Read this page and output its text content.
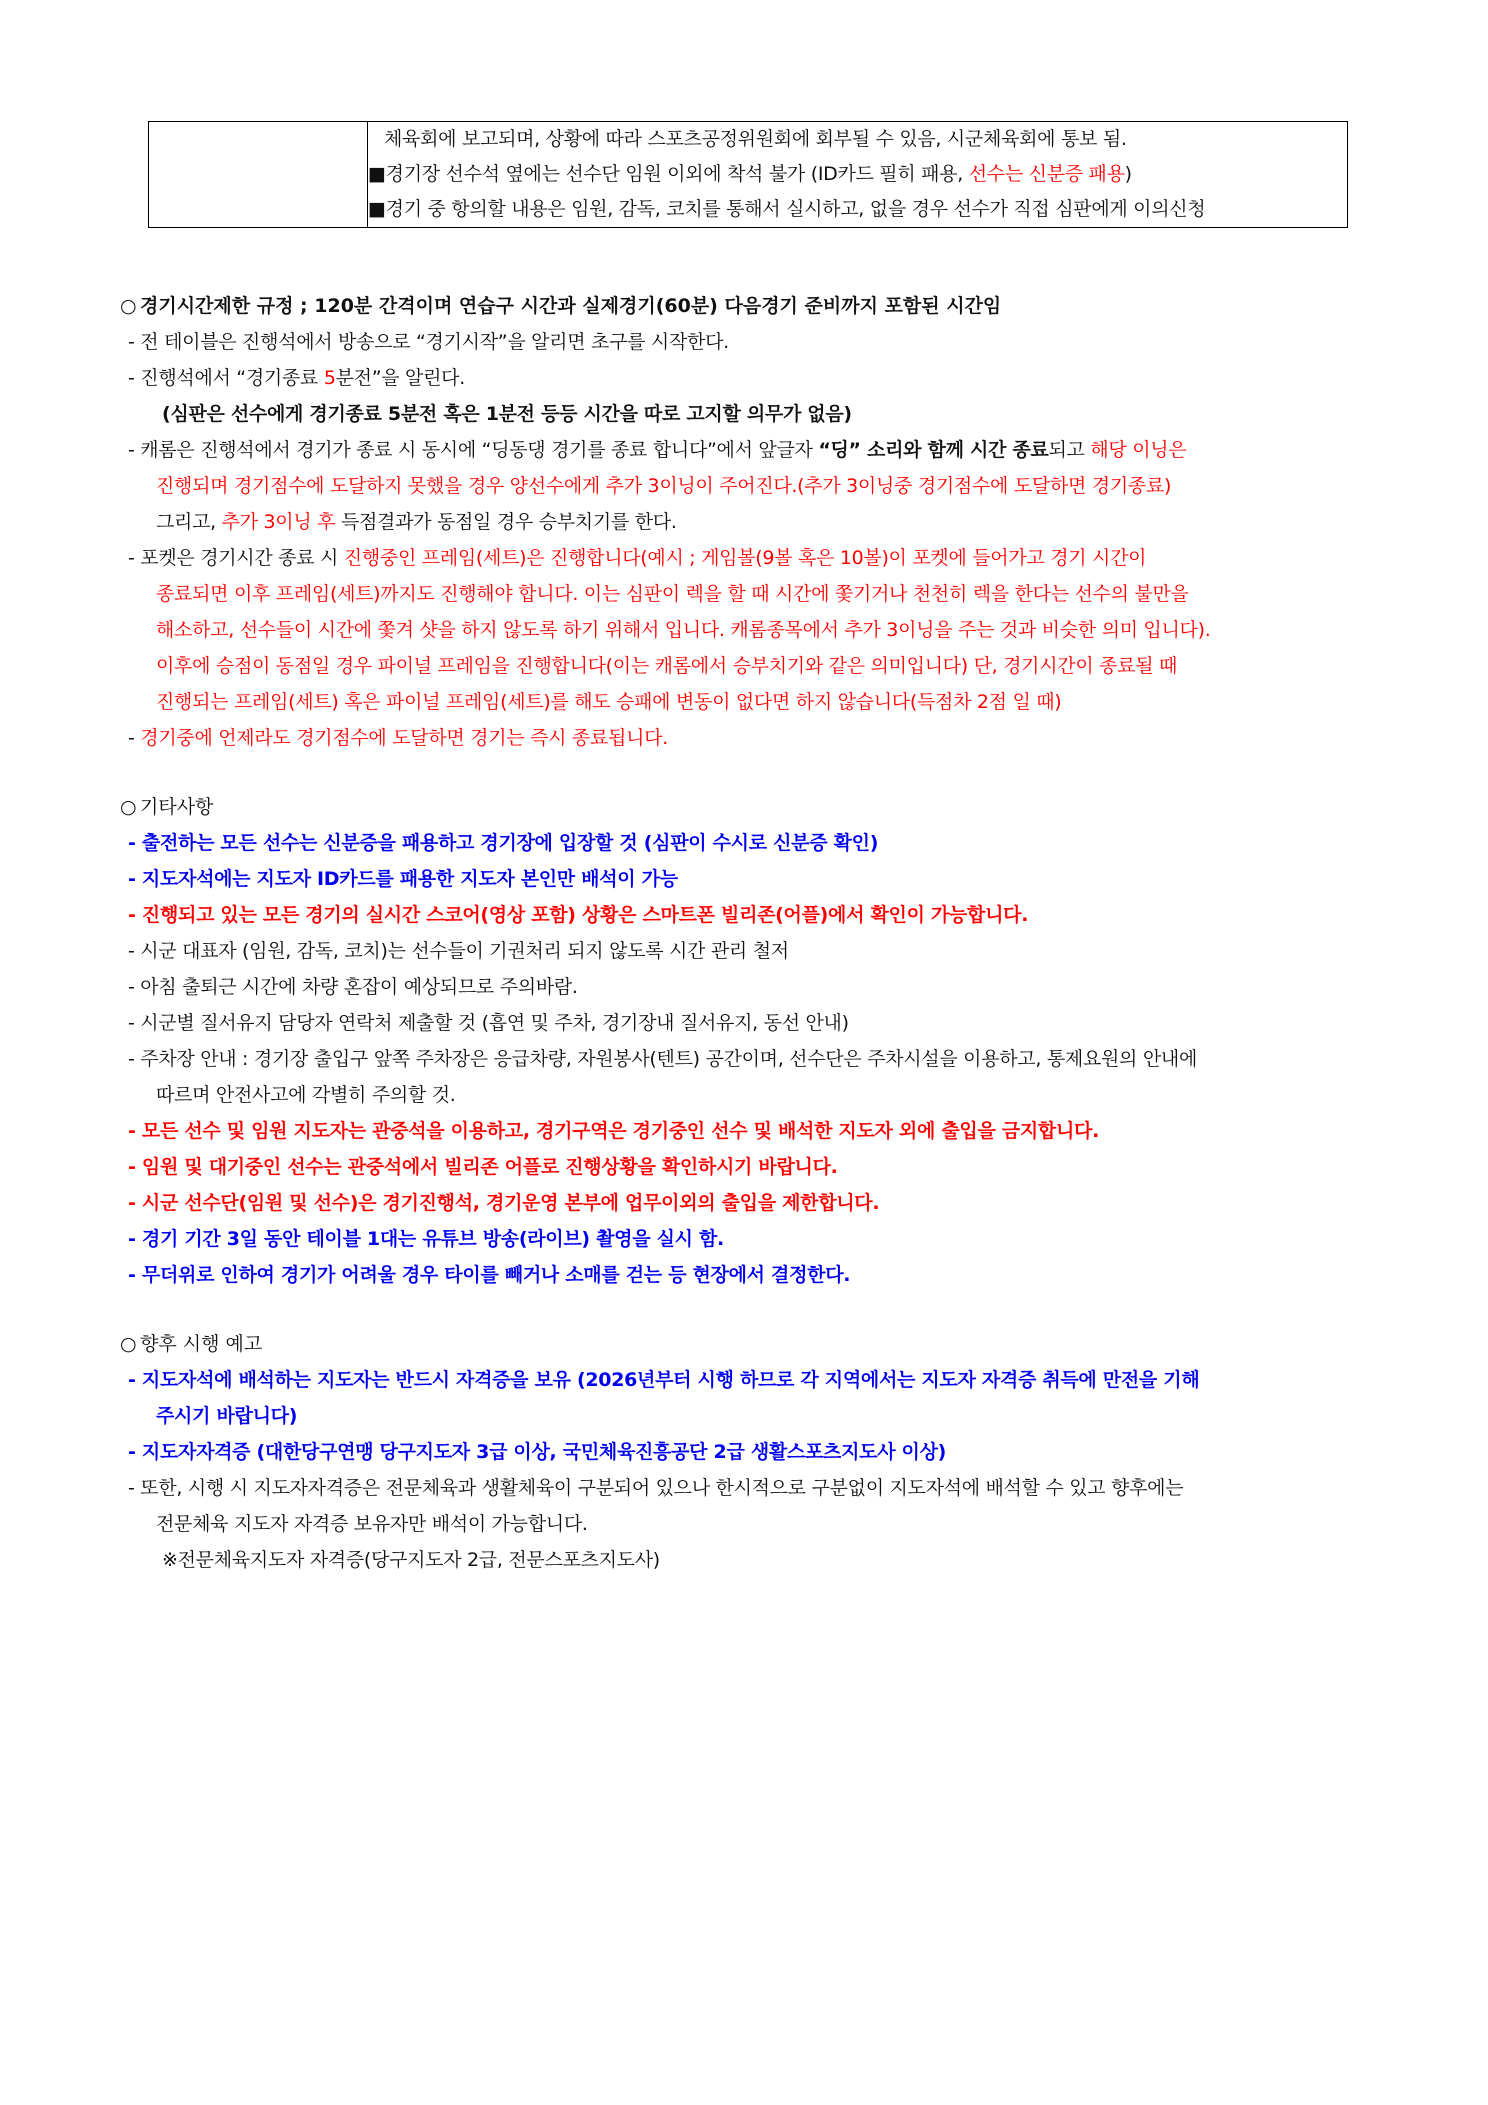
체육회에 보고되며, 상황에 따라 스포츠공정위원회에 회부될 수 있음, 시군체육회에 통보 됨.
■경기장 선수석 옆에는 선수단 임원 이외에 착석 불가 (ID카드 필히 패용, 선수는 신분증 패용)
■경기 중 항의할 내용은 임원, 감독, 코치를 통해서 실시하고, 없을 경우 선수가 직접 심판에게 이의신청
○ 경기시간제한 규정 ; 120분 간격이며 연습구 시간과 실제경기(60분) 다음경기 준비까지 포함된 시간임
- 전 테이블은 진행석에서 방송으로 “경기시작”을 알리면 초구를 시작한다.
- 진행석에서 “경기종료 5분전”을 알린다.
(심판은 선수에게 경기종료 5분전 혹은 1분전 등등 시간을 따로 고지할 의무가 없음)
- 캐롬은 진행석에서 경기가 종료 시 동시에 “딩동댕 경기를 종료 합니다”에서 앞글자 “딩” 소리와 함께 시간 종료되고 해당 이닝은
진행되며 경기점수에 도달하지 못했을 경우 양선수에게 추가 3이닝이 주어진다.(추가 3이닝중 경기점수에 도달하면 경기종료)
그리고, 추가 3이닝 후 득점결과가 동점일 경우 승부치기를 한다.
- 포켓은 경기시간 종료 시 진행중인 프레임(세트)은 진행합니다(예시 ; 게임볼(9볼 혹은 10볼)이 포켓에 들어가고 경기 시간이
종료되면 이후 프레임(세트)까지도 진행해야 합니다. 이는 심판이 렉을 할 때 시간에 쫓기거나 천천히 렉을 한다는 선수의 불만을
해소하고, 선수들이 시간에 쫓겨 샷을 하지 않도록 하기 위해서 입니다. 캐롬종목에서 추가 3이닝을 주는 것과 비슷한 의미 입니다).
이후에 승점이 동점일 경우 파이널 프레임을 진행합니다(이는 캐롬에서 승부치기와 같은 의미입니다) 단, 경기시간이 종료될 때
진행되는 프레임(세트) 혹은 파이널 프레임(세트)를 해도 승패에 변동이 없다면 하지 않습니다(득점차 2점 일 때)
- 경기중에 언제라도 경기점수에 도달하면 경기는 즉시 종료됩니다.
○ 기타사항
- 출전하는 모든 선수는 신분증을 패용하고 경기장에 입장할 것 (심판이 수시로 신분증 확인)
- 지도자석에는 지도자 ID카드를 패용한 지도자 본인만 배석이 가능
- 진행되고 있는 모든 경기의 실시간 스코어(영상 포함) 상황은 스마트폰 빌리존(어플)에서 확인이 가능합니다.
- 시군 대표자 (임원, 감독, 코치)는 선수들이 기권처리 되지 않도록 시간 관리 철저
- 아침 출퇴근 시간에 차량 혼잡이 예상되므로 주의바람.
- 시군별 질서유지 담당자 연락처 제출할 것 (흡연 및 주차, 경기장내 질서유지, 동선 안내)
- 주차장 안내 : 경기장 출입구 앞쪽 주차장은 응급차량, 자원봉사(텐트) 공간이며, 선수단은 주차시설을 이용하고, 통제요원의 안내에
따르며 안전사고에 각별히 주의할 것.
- 모든 선수 및 임원 지도자는 관중석을 이용하고, 경기구역은 경기중인 선수 및 배석한 지도자 외에 출입을 금지합니다.
- 임원 및 대기중인 선수는 관중석에서 빌리존 어플로 진행상황을 확인하시기 바랍니다.
- 시군 선수단(임원 및 선수)은 경기진행석, 경기운영 본부에 업무이외의 출입을 제한합니다.
- 경기 기간 3일 동안 테이블 1대는 유튜브 방송(라이브) 촬영을 실시 함.
- 무더위로 인하여 경기가 어려울 경우 타이를 빼거나 소매를 걷는 등 현장에서 결정한다.
○ 향후 시행 예고
- 지도자석에 배석하는 지도자는 반드시 자격증을 보유 (2026년부터 시행 하므로 각 지역에서는 지도자 자격증 취득에 만전을 기해
주시기 바랍니다)
- 지도자자격증 (대한당구연맹 당구지도자 3급 이상, 국민체육진흥공단 2급 생활스포츠지도사 이상)
- 또한, 시행 시 지도자자격증은 전문체육과 생활체육이 구분되어 있으나 한시적으로 구분없이 지도자석에 배석할 수 있고 향후에는
전문체육 지도자 자격증 보유자만 배석이 가능합니다.
※전문체육지도자 자격증(당구지도자 2급, 전문스포츠지도사)
